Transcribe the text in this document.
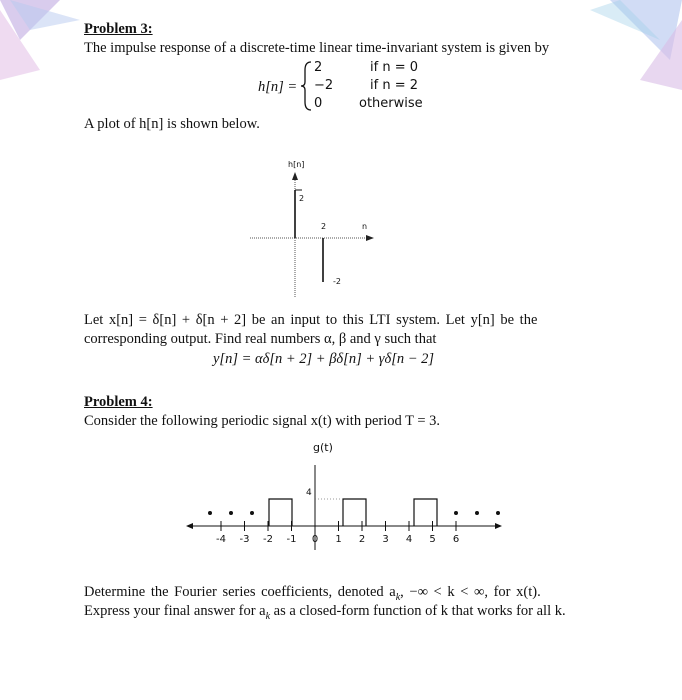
Problem 3:
The impulse response of a discrete-time linear time-invariant system is given by
h[n] =
2
−2
0
if n = 0
if n = 2
otherwise
A plot of h[n] is shown below.
h[n]
2
2
-2
n
Let x[n] = δ[n] + δ[n + 2] be an input to this LTI system. Let y[n] be the
corresponding output. Find real numbers α, β and γ such that
y[n] = αδ[n + 2] + βδ[n] + γδ[n − 2]
Problem 4:
Consider the following periodic signal x(t) with period T = 3.
g(t)
4
-4 -3 -2 -1 0 1 2 3 4 5 6
Determine the Fourier series coefficients, denoted $a_k$, −∞ < k < ∞, for x(t).
Express your final answer for $a_k$ as a closed-form function of k that works for all k.
